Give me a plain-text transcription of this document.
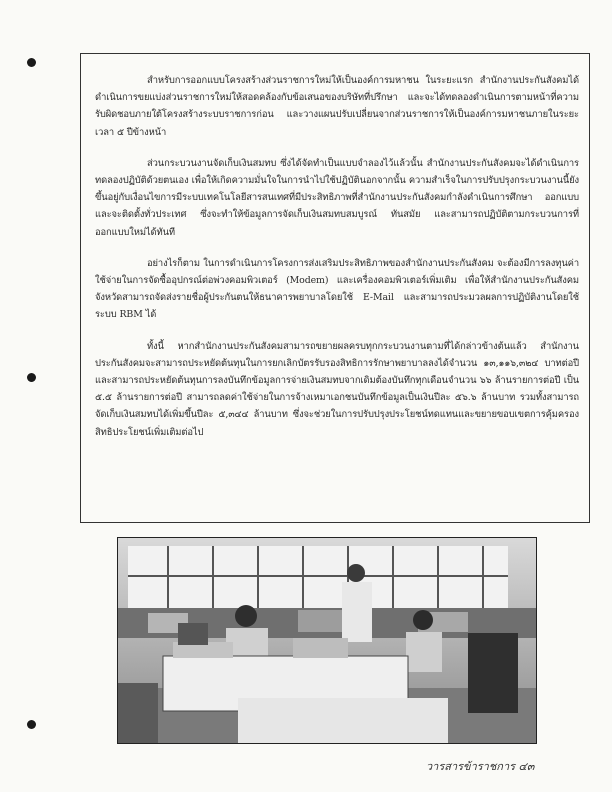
สำหรับการออกแบบโครงสร้างส่วนราชการใหม่ให้เป็นองค์การมหาชน ในระยะแรก สำนักงานประกันสังคมได้ดำเนินการขยแบ่งส่วนราชการใหม่ให้สอดคล้องกับข้อเสนอของบริษัทที่ปรึกษา และจะได้ทดลองดำเนินการตามหน้าที่ความรับผิดชอบภายใต้โครงสร้างระบบราชการก่อน และวางแผนปรับเปลี่ยนจากส่วนราชการให้เป็นองค์การมหาชนภายในระยะเวลา ๕ ปีข้างหน้า

ส่วนกระบวนงานจัดเก็บเงินสมทบ ซึ่งได้จัดทำเป็นแบบจำลองไว้แล้วนั้น สำนักงานประกันสังคมจะได้ดำเนินการทดลองปฏิบัติด้วยตนเอง เพื่อให้เกิดความมั่นใจในการนำไปใช้ปฏิบัตินอกจากนั้น ความสำเร็จในการปรับปรุงกระบวนงานนี้ยังขึ้นอยู่กับเงื่อนไขการมีระบบเทคโนโลยีสารสนเทศที่มีประสิทธิภาพที่สำนักงานประกันสังคมกำลังดำเนินการศึกษา ออกแบบ และจะติดตั้งทั่วประเทศ ซึ่งจะทำให้ข้อมูลการจัดเก็บเงินสมทบสมบูรณ์ ทันสมัย และสามารถปฏิบัติตามกระบวนการที่ออกแบบใหม่ได้ทันที

อย่างไรก็ตาม ในการดำเนินการโครงการส่งเสริมประสิทธิภาพของสำนักงานประกันสังคม จะต้องมีการลงทุนค่าใช้จ่ายในการจัดซื้ออุปกรณ์ต่อพ่วงคอมพิวเตอร์ (Modem) และเครื่องคอมพิวเตอร์เพิ่มเติม เพื่อให้สำนักงานประกันสังคมจังหวัดสามารถจัดส่งรายชื่อผู้ประกันตนให้ธนาคารพยาบาลโดยใช้ E-Mail และสามารถประมวลผลการปฏิบัติงานโดยใช้ระบบ RBM ได้

ทั้งนี้ หากสำนักงานประกันสังคมสามารถขยายผลครบทุกกระบวนงานตามที่ได้กล่าวข้างต้นแล้ว สำนักงานประกันสังคมจะสามารถประหยัดต้นทุนในการยกเลิกบัตรรับรองสิทธิการรักษาพยาบาลลงได้จำนวน ๑๓,๑๑๖,๓๒๔ บาทต่อปี และสามารถประหยัดต้นทุนการลงบันทึกข้อมูลการจ่ายเงินสมทบจากเดิมต้องบันทึกทุกเดือนจำนวน ๖๖ ล้านรายการต่อปี เป็น ๕.๕ ล้านรายการต่อปี สามารถลดค่าใช้จ่ายในการจ้างเหมาเอกชนบันทึกข้อมูลเป็นเงินปีละ ๕๖.๖ ล้านบาท รวมทั้งสามารถจัดเก็บเงินสมทบได้เพิ่มขึ้นปีละ ๕,๓๔๔ ล้านบาท ซึ่งจะช่วยในการปรับปรุงประโยชน์ทดแทนและขยายขอบเขตการคุ้มครองสิทธิประโยชน์เพิ่มเติมต่อไป

วารสารข้าราชการ ๔๓
